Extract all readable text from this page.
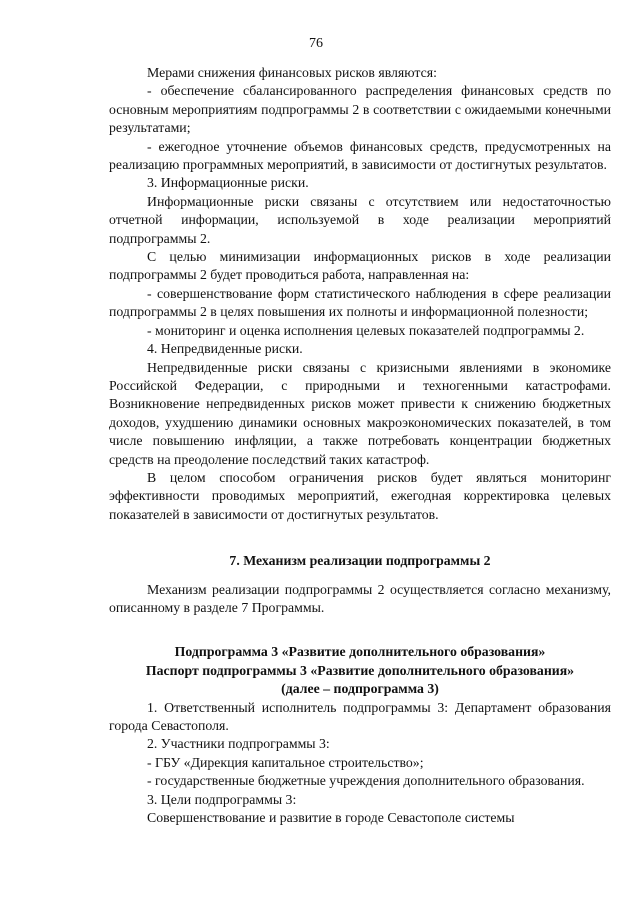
76

Мерами снижения финансовых рисков являются:

- обеспечение сбалансированного распределения финансовых средств по основным мероприятиям подпрограммы 2 в соответствии с ожидаемыми конечными результатами;

- ежегодное уточнение объемов финансовых средств, предусмотренных на реализацию программных мероприятий, в зависимости от достигнутых результатов.

3. Информационные риски.

Информационные риски связаны с отсутствием или недостаточностью отчетной информации, используемой в ходе реализации мероприятий подпрограммы 2.

С целью минимизации информационных рисков в ходе реализации подпрограммы 2 будет проводиться работа, направленная на:

- совершенствование форм статистического наблюдения в сфере реализации подпрограммы 2 в целях повышения их полноты и информационной полезности;

- мониторинг и оценка исполнения целевых показателей подпрограммы 2.

4. Непредвиденные риски.

Непредвиденные риски связаны с кризисными явлениями в экономике Российской Федерации, с природными и техногенными катастрофами. Возникновение непредвиденных рисков может привести к снижению бюджетных доходов, ухудшению динамики основных макроэкономических показателей, в том числе повышению инфляции, а также потребовать концентрации бюджетных средств на преодоление последствий таких катастроф.

В целом способом ограничения рисков будет являться мониторинг эффективности проводимых мероприятий, ежегодная корректировка целевых показателей в зависимости от достигнутых результатов.

7. Механизм реализации подпрограммы 2

Механизм реализации подпрограммы 2 осуществляется согласно механизму, описанному в разделе 7 Программы.

Подпрограмма 3 «Развитие дополнительного образования»

Паспорт подпрограммы 3 «Развитие дополнительного образования»

(далее – подпрограмма 3)

1. Ответственный исполнитель подпрограммы 3: Департамент образования города Севастополя.

2. Участники подпрограммы 3:

- ГБУ «Дирекция капитальное строительство»;

- государственные бюджетные учреждения дополнительного образования.

3. Цели подпрограммы 3:

Совершенствование и развитие в городе Севастополе системы
